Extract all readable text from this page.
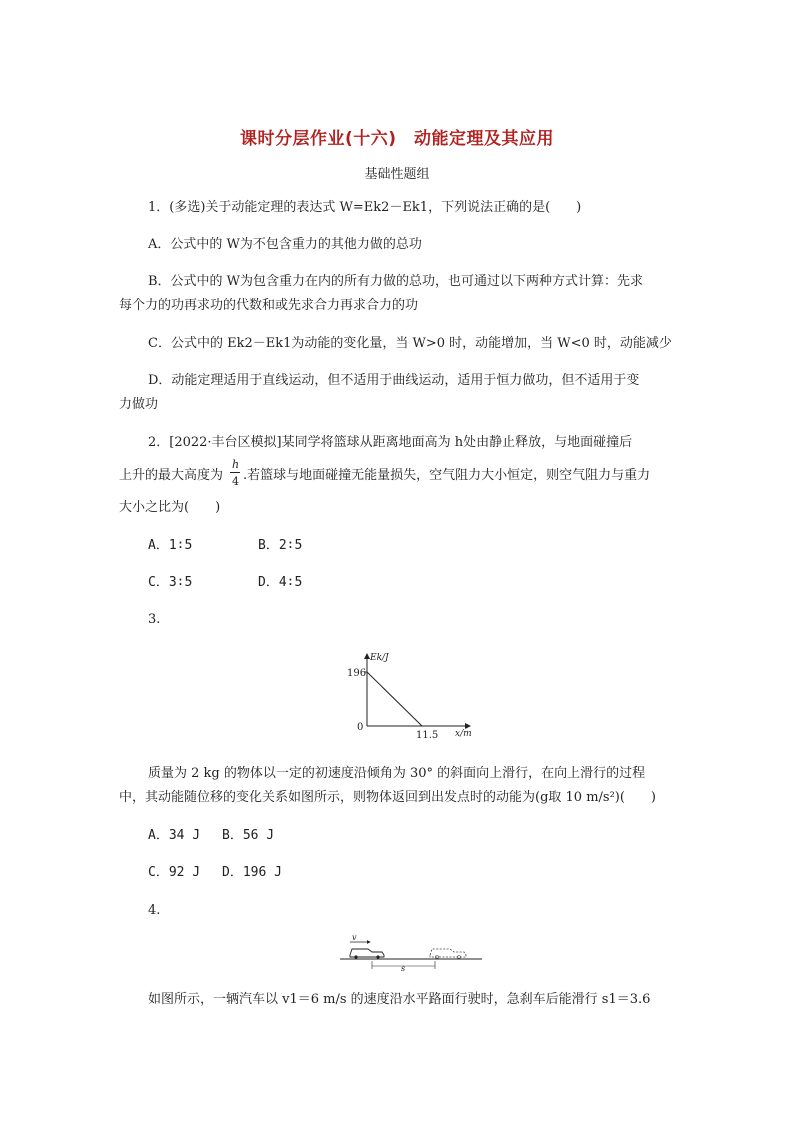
课时分层作业(十六)　动能定理及其应用
基础性题组
1．(多选)关于动能定理的表达式 W=Ek2－Ek1，下列说法正确的是(　　)
A．公式中的 W为不包含重力的其他力做的总功
B．公式中的 W为包含重力在内的所有力做的总功，也可通过以下两种方式计算：先求
每个力的功再求功的代数和或先求合力再求合力的功
C．公式中的 Ek2－Ek1为动能的变化量，当 W>0 时，动能增加，当 W<0 时，动能减少
D．动能定理适用于直线运动，但不适用于曲线运动，适用于恒力做功，但不适用于变
力做功
2．[2022·丰台区模拟]某同学将篮球从距离地面高为 h处由静止释放，与地面碰撞后
上升的最大高度为
h
4 .若篮球与地面碰撞无能量损失，空气阻力大小恒定，则空气阻力与重力
大小之比为(　　)
A．1∶5	B．2∶5
C．3∶5	D．4∶5
3.
Ek/J
x/m
196
0
11.5
质量为 2 kg 的物体以一定的初速度沿倾角为 30° 的斜面向上滑行，在向上滑行的过程
中，其动能随位移的变化关系如图所示，则物体返回到出发点时的动能为(g取 10 m/s²)(　　)
A．34 J B．56 J
C．92 J D．196 J
4.
v
s
如图所示，一辆汽车以 v1＝6 m/s 的速度沿水平路面行驶时，急刹车后能滑行 s1＝3.6
